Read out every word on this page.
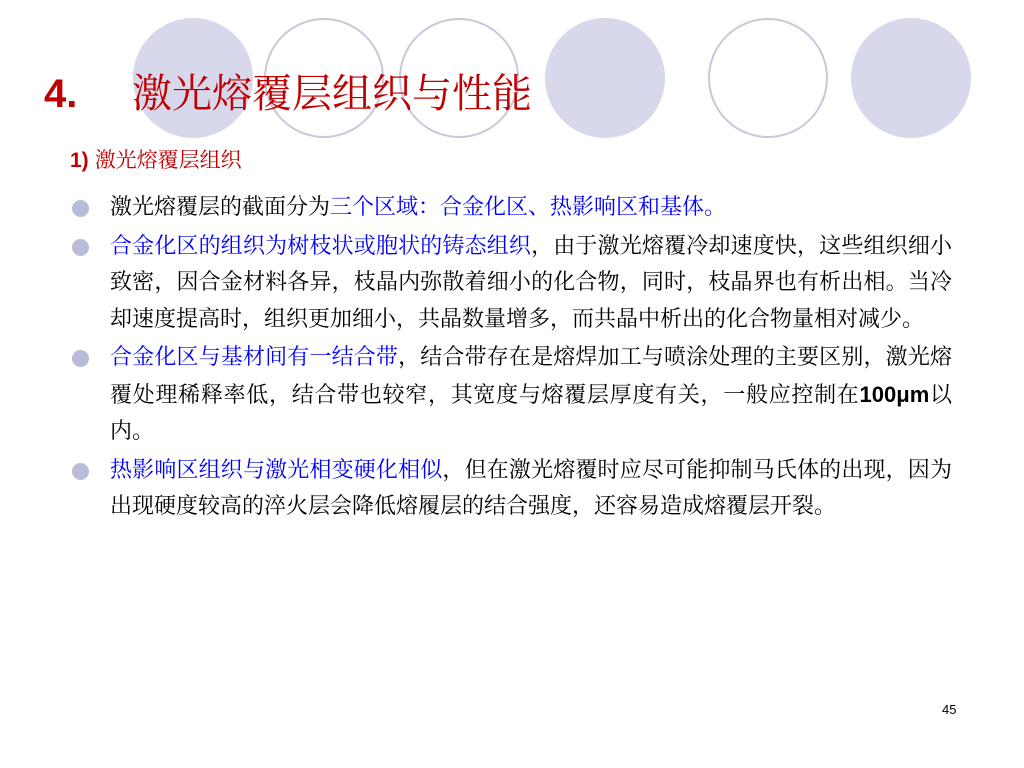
4. 激光熔覆层组织与性能
1) 激光熔覆层组织
激光熔覆层的截面分为三个区域：合金化区、热影响区和基体。
合金化区的组织为树枝状或胞状的铸态组织，由于激光熔覆冷却速度快，这些组织细小致密，因合金材料各异，枝晶内弥散着细小的化合物，同时，枝晶界也有析出相。当冷却速度提高时，组织更加细小，共晶数量增多，而共晶中析出的化合物量相对减少。
合金化区与基材间有一结合带，结合带存在是熔焊加工与喷涂处理的主要区别，激光熔覆处理稀释率低，结合带也较窄，其宽度与熔覆层厚度有关，一般应控制在100μm以内。
热影响区组织与激光相变硬化相似，但在激光熔覆时应尽可能抑制马氏体的出现，因为出现硬度较高的淬火层会降低熔履层的结合强度，还容易造成熔覆层开裂。
45
